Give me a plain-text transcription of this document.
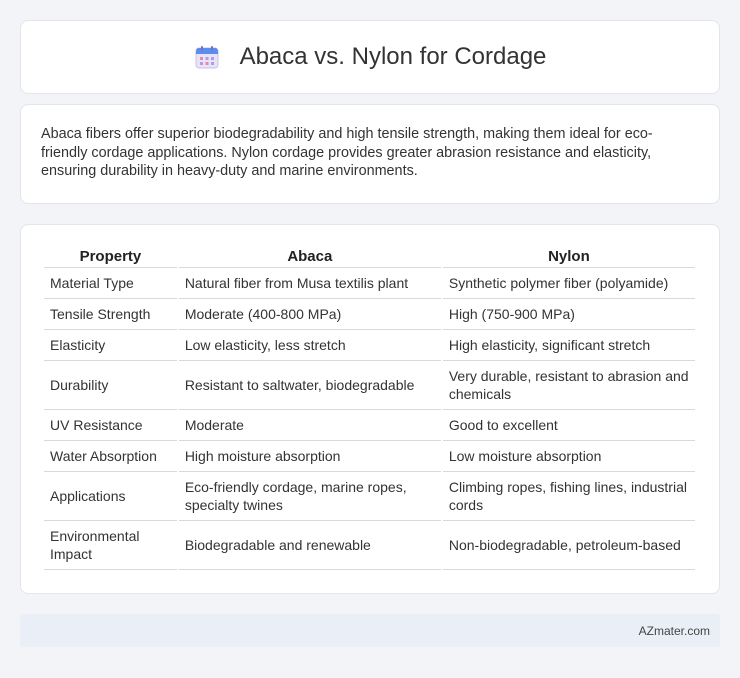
Abaca vs. Nylon for Cordage

Abaca fibers offer superior biodegradability and high tensile strength, making them ideal for eco-friendly cordage applications. Nylon cordage provides greater abrasion resistance and elasticity, ensuring durability in heavy-duty and marine environments.

Property	Abaca	Nylon
Material Type	Natural fiber from Musa textilis plant	Synthetic polymer fiber (polyamide)
Tensile Strength	Moderate (400-800 MPa)	High (750-900 MPa)
Elasticity	Low elasticity, less stretch	High elasticity, significant stretch
Durability	Resistant to saltwater, biodegradable	Very durable, resistant to abrasion and chemicals
UV Resistance	Moderate	Good to excellent
Water Absorption	High moisture absorption	Low moisture absorption
Applications	Eco-friendly cordage, marine ropes, specialty twines	Climbing ropes, fishing lines, industrial cords
Environmental Impact	Biodegradable and renewable	Non-biodegradable, petroleum-based
AZmater.com
